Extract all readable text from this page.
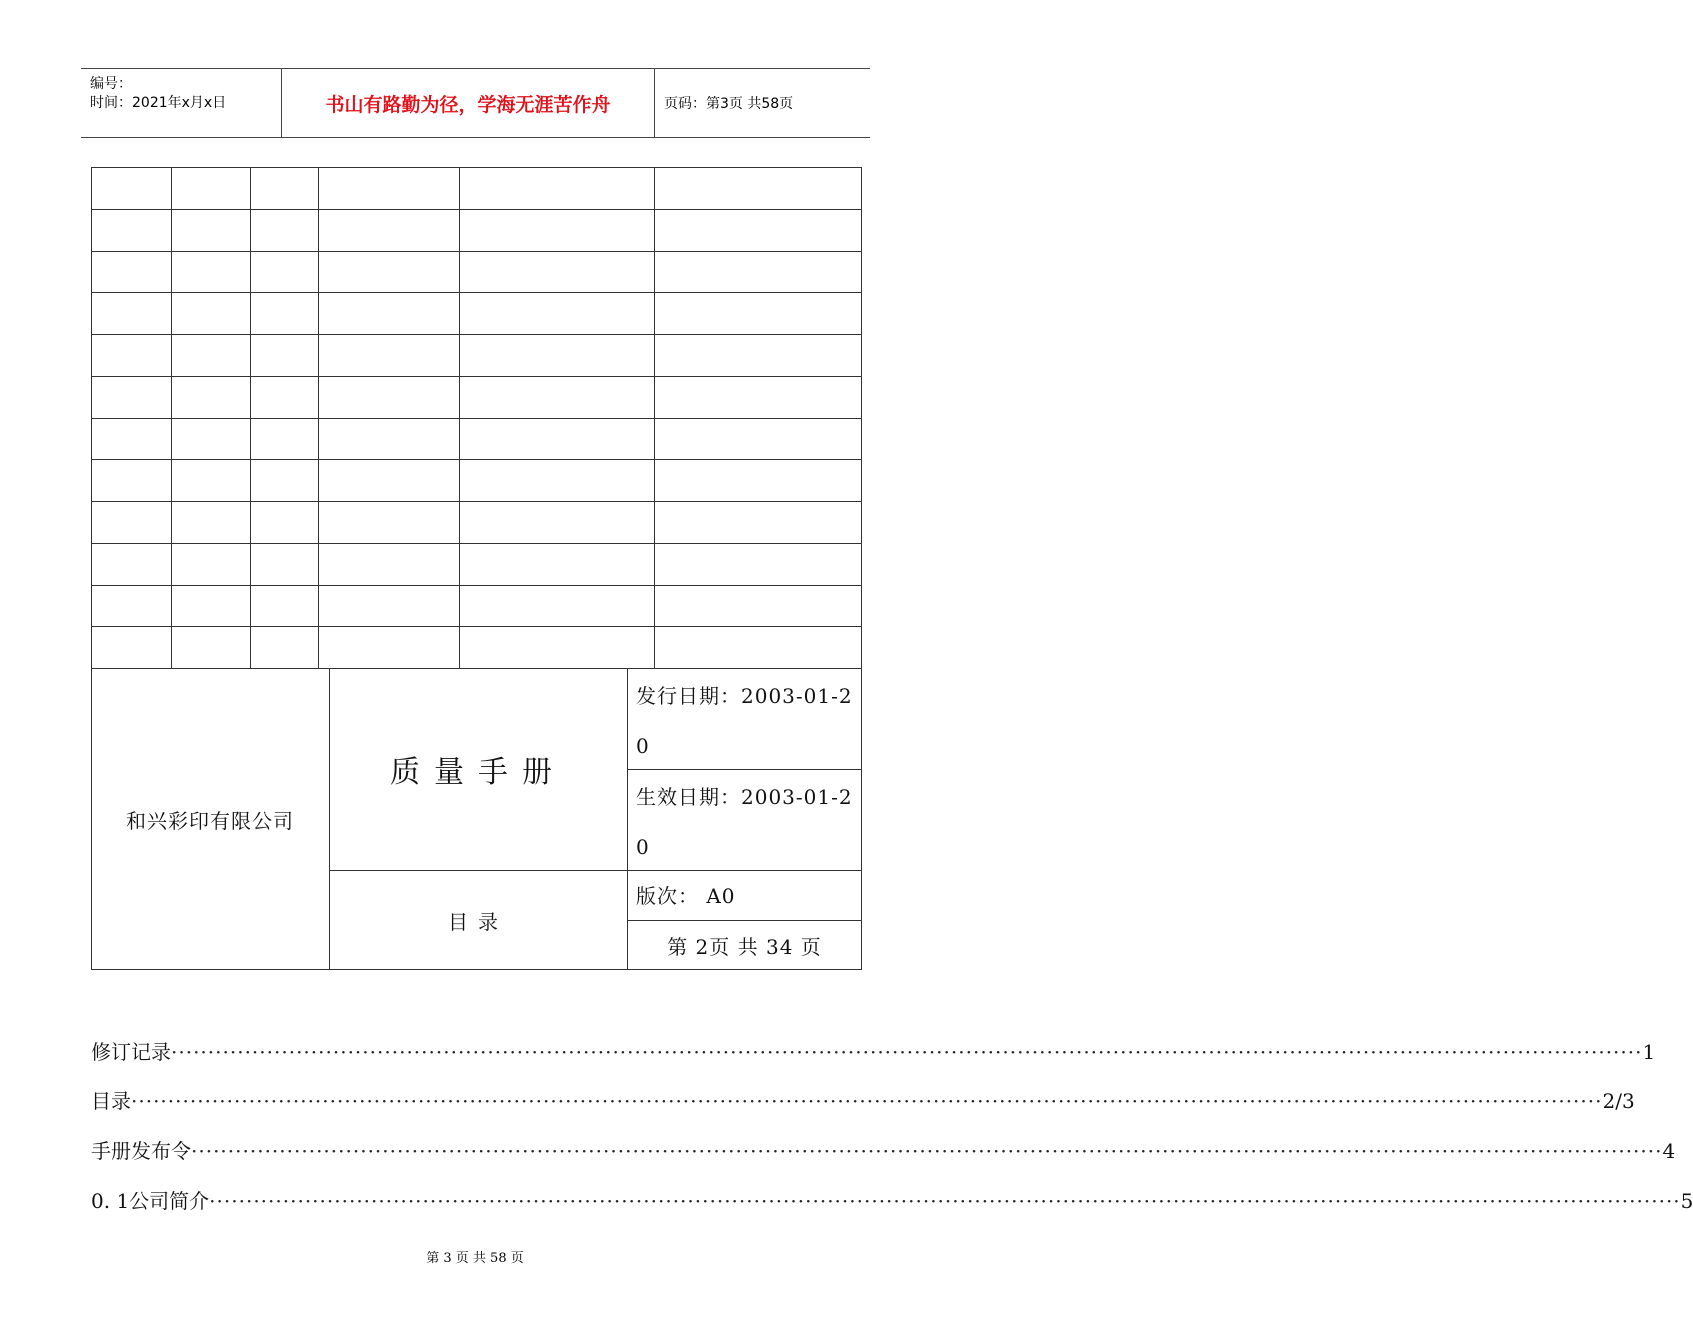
编号：
时间：2021年x月x日	书山有路勤为径，学海无涯苦作舟	页码：第3页 共58页
和兴彩印有限公司
质量手册
目录
发行日期：2003-01-20
生效日期：2003-01-20
版次： A0
第 2页 共 34 页
修订记录 ········································································································································································································ 1
目录 ········································································································································································································ 2/3
手册发布令 ········································································································································································································ 4
0. 1公司简介 ········································································································································································································ 5
第 3 页 共 58 页
